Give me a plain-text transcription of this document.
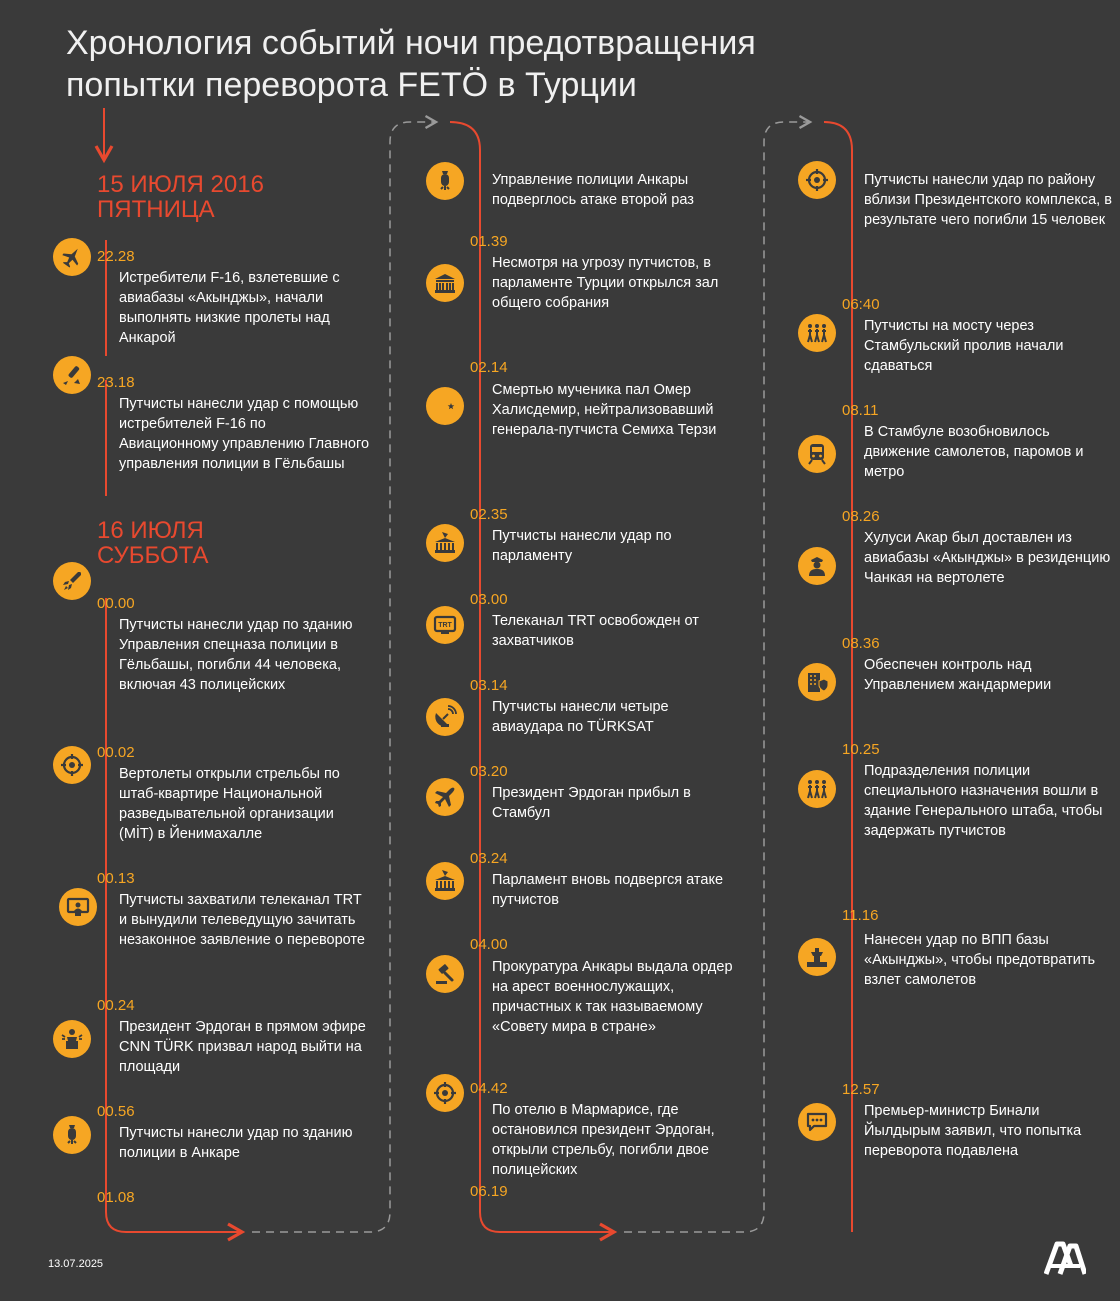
Хронология событий ночи предотвращения
попытки переворота FETÖ в Турции
15 ИЮЛЯ 2016
ПЯТНИЦА
16 ИЮЛЯ
СУББОТА
22.28
Истребители F-16, взлетевшие с авиабазы «Акынджы», начали выполнять низкие пролеты над Анкарой
23.18
Путчисты нанесли удар с помощью истребителей F-16 по Авиационному управлению Главного управления полиции в Гёльбашы
00.00
Путчисты нанесли удар по зданию Управления спецназа полиции в Гёльбашы, погибли 44 человека, включая 43 полицейских
00.02
Вертолеты открыли стрельбы по штаб-квартире Национальной разведывательной организации (MİT) в Йенимахалле
00.13
Путчисты захватили телеканал TRT и вынудили телеведущую зачитать незаконное заявление о перевороте
00.24
Президент Эрдоган в прямом эфире CNN TÜRK призвал народ выйти на площади
00.56
Путчисты нанесли удар по зданию полиции в Анкаре
01.08
Управление полиции Анкары подверглось атаке второй раз
01.39
Несмотря на угрозу путчистов, в парламенте Турции открылся зал общего собрания
02.14
Смертью мученика пал Омер Халисдемир, нейтрализовавший генерала-путчиста Семиха Терзи
02.35
Путчисты нанесли удар по парламенту
TRT
03.00
Телеканал TRT освобожден от захватчиков
03.14
Путчисты нанесли четыре авиаудара по TÜRKSAT
03.20
Президент Эрдоган прибыл в Стамбул
03.24
Парламент вновь подвергся атаке путчистов
04.00
Прокуратура Анкары выдала ордер на арест военнослужащих, причастных к так называемому «Совету мира в стране»
04.42
По отелю в Мармарисе, где остановился президент Эрдоган, открыли стрельбу, погибли двое полицейских
06.19
Путчисты нанесли удар по району вблизи Президентского комплекса, в результате чего погибли 15 человек
06:40
Путчисты на мосту через Стамбульский пролив начали сдаваться
08.11
В Стамбуле возобновилось движение самолетов, паромов и метро
08.26
Хулуси Акар был доставлен из авиабазы «Акынджы» в резиденцию Чанкая на вертолете
08.36
Обеспечен контроль над Управлением жандармерии
10.25
Подразделения полиции специального назначения вошли в здание Генерального штаба, чтобы задержать путчистов
11.16
Нанесен удар по ВПП базы «Акынджы», чтобы предотвратить взлет самолетов
12.57
Премьер-министр Бинали Йылдырым заявил, что попытка переворота подавлена
13.07.2025
